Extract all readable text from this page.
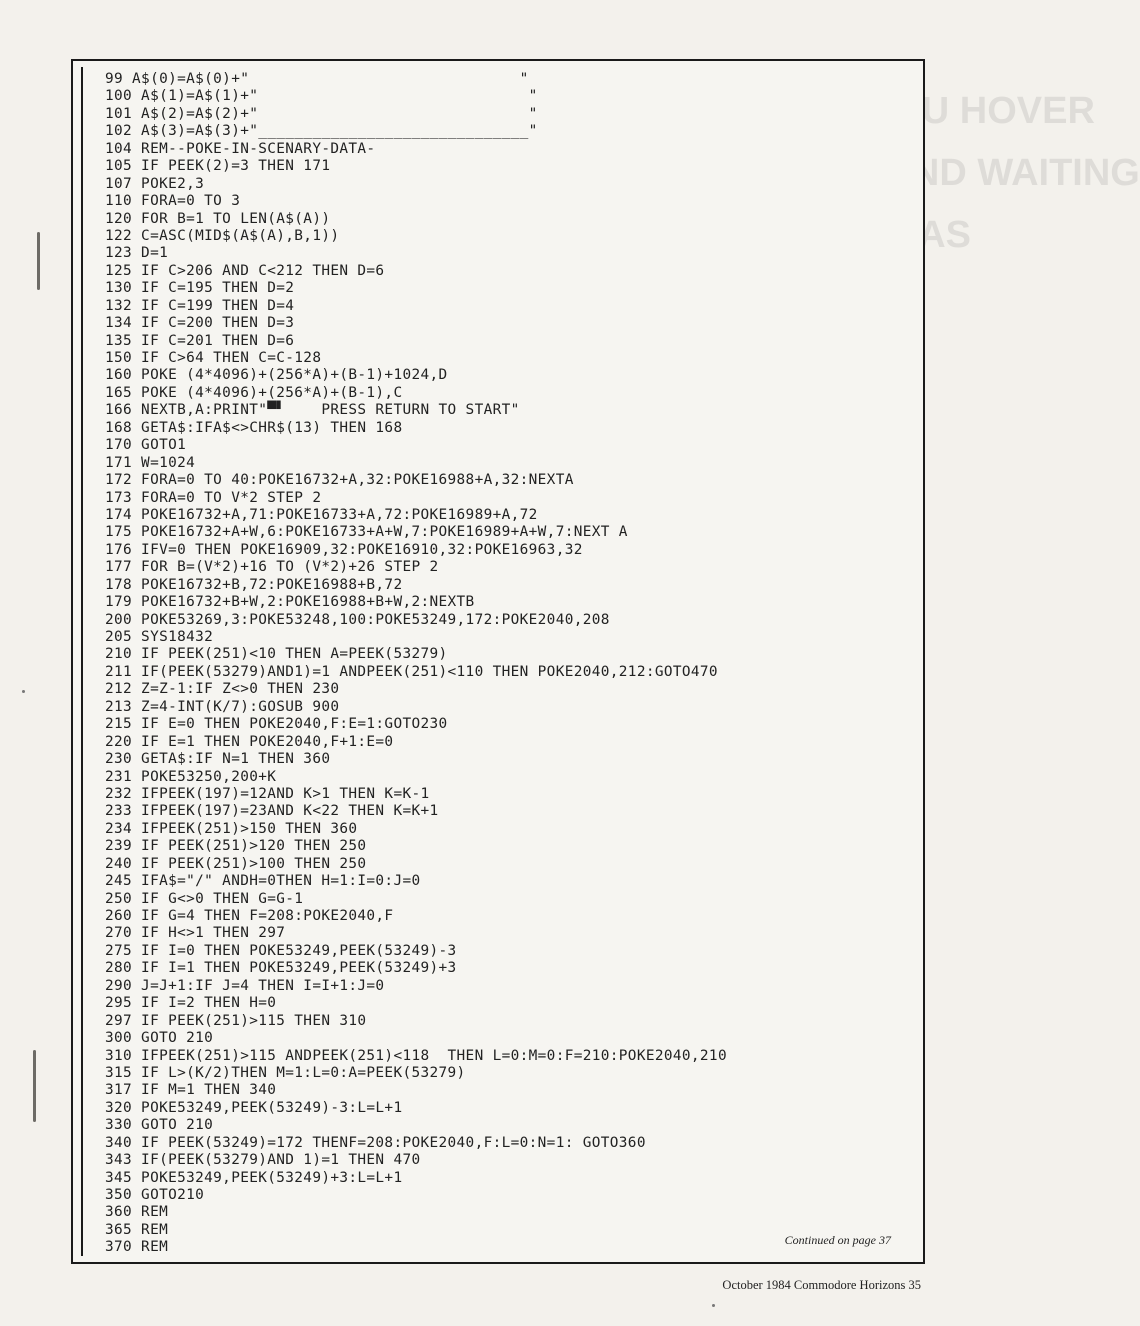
DO YOU HOVER
AROUND WAITING
BAS
99 A$(0)=A$(0)+"                              "
100 A$(1)=A$(1)+"                              "
101 A$(2)=A$(2)+"                              "
102 A$(3)=A$(3)+"______________________________"
104 REM--POKE-IN-SCENARY-DATA-
105 IF PEEK(2)=3 THEN 171
107 POKE2,3
110 FORA=0 TO 3
120 FOR B=1 TO LEN(A$(A))
122 C=ASC(MID$(A$(A),B,1))
123 D=1
125 IF C>206 AND C<212 THEN D=6
130 IF C=195 THEN D=2
132 IF C=199 THEN D=4
134 IF C=200 THEN D=3
135 IF C=201 THEN D=6
150 IF C>64 THEN C=C-128
160 POKE (4*4096)+(256*A)+(B-1)+1024,D
165 POKE (4*4096)+(256*A)+(B-1),C
166 NEXTB,A:PRINT"▀▘    PRESS RETURN TO START"
168 GETA$:IFA$<>CHR$(13) THEN 168
170 GOTO1
171 W=1024
172 FORA=0 TO 40:POKE16732+A,32:POKE16988+A,32:NEXTA
173 FORA=0 TO V*2 STEP 2
174 POKE16732+A,71:POKE16733+A,72:POKE16989+A,72
175 POKE16732+A+W,6:POKE16733+A+W,7:POKE16989+A+W,7:NEXT A
176 IFV=0 THEN POKE16909,32:POKE16910,32:POKE16963,32
177 FOR B=(V*2)+16 TO (V*2)+26 STEP 2
178 POKE16732+B,72:POKE16988+B,72
179 POKE16732+B+W,2:POKE16988+B+W,2:NEXTB
200 POKE53269,3:POKE53248,100:POKE53249,172:POKE2040,208
205 SYS18432
210 IF PEEK(251)<10 THEN A=PEEK(53279)
211 IF(PEEK(53279)AND1)=1 ANDPEEK(251)<110 THEN POKE2040,212:GOTO470
212 Z=Z-1:IF Z<>0 THEN 230
213 Z=4-INT(K/7):GOSUB 900
215 IF E=0 THEN POKE2040,F:E=1:GOTO230
220 IF E=1 THEN POKE2040,F+1:E=0
230 GETA$:IF N=1 THEN 360
231 POKE53250,200+K
232 IFPEEK(197)=12AND K>1 THEN K=K-1
233 IFPEEK(197)=23AND K<22 THEN K=K+1
234 IFPEEK(251)>150 THEN 360
239 IF PEEK(251)>120 THEN 250
240 IF PEEK(251)>100 THEN 250
245 IFA$="/" ANDH=0THEN H=1:I=0:J=0
250 IF G<>0 THEN G=G-1
260 IF G=4 THEN F=208:POKE2040,F
270 IF H<>1 THEN 297
275 IF I=0 THEN POKE53249,PEEK(53249)-3
280 IF I=1 THEN POKE53249,PEEK(53249)+3
290 J=J+1:IF J=4 THEN I=I+1:J=0
295 IF I=2 THEN H=0
297 IF PEEK(251)>115 THEN 310
300 GOTO 210
310 IFPEEK(251)>115 ANDPEEK(251)<118  THEN L=0:M=0:F=210:POKE2040,210
315 IF L>(K/2)THEN M=1:L=0:A=PEEK(53279)
317 IF M=1 THEN 340
320 POKE53249,PEEK(53249)-3:L=L+1
330 GOTO 210
340 IF PEEK(53249)=172 THENF=208:POKE2040,F:L=0:N=1: GOTO360
343 IF(PEEK(53279)AND 1)=1 THEN 470
345 POKE53249,PEEK(53249)+3:L=L+1
350 GOTO210
360 REM
365 REM
370 REM	Continued on page 37
October 1984 Commodore Horizons 35
